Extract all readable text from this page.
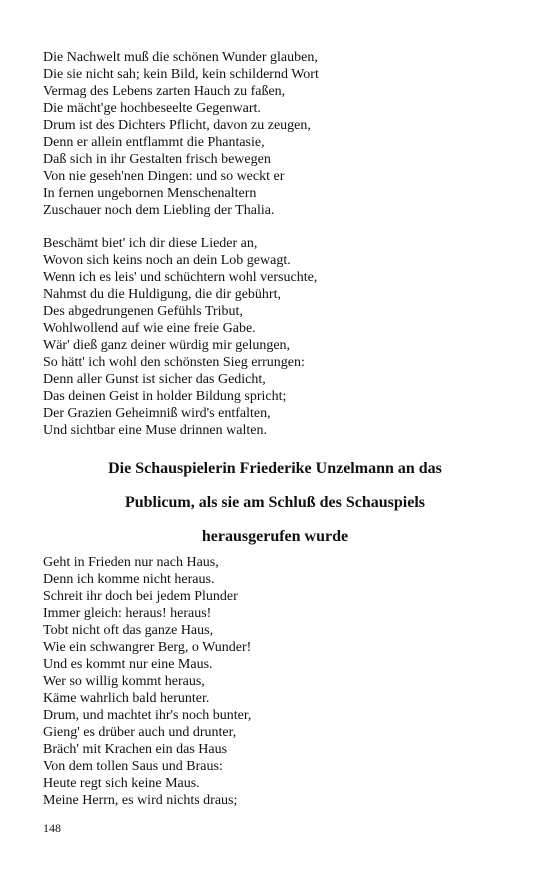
Die Nachwelt muß die schönen Wunder glauben,
Die sie nicht sah; kein Bild, kein schildernd Wort
Vermag des Lebens zarten Hauch zu faßen,
Die mächt'ge hochbeseelte Gegenwart.
Drum ist des Dichters Pflicht, davon zu zeugen,
Denn er allein entflammt die Phantasie,
Daß sich in ihr Gestalten frisch bewegen
Von nie geseh'nen Dingen: und so weckt er
In fernen ungebornen Menschenaltern
Zuschauer noch dem Liebling der Thalia.
Beschämt biet' ich dir diese Lieder an,
Wovon sich keins noch an dein Lob gewagt.
Wenn ich es leis' und schüchtern wohl versuchte,
Nahmst du die Huldigung, die dir gebührt,
Des abgedrungenen Gefühls Tribut,
Wohlwollend auf wie eine freie Gabe.
Wär' dieß ganz deiner würdig mir gelungen,
So hätt' ich wohl den schönsten Sieg errungen:
Denn aller Gunst ist sicher das Gedicht,
Das deinen Geist in holder Bildung spricht;
Der Grazien Geheimniß wird's entfalten,
Und sichtbar eine Muse drinnen walten.
Die Schauspielerin Friederike Unzelmann an das
Publicum, als sie am Schluß des Schauspiels
herausgerufen wurde
Geht in Frieden nur nach Haus,
Denn ich komme nicht heraus.
Schreit ihr doch bei jedem Plunder
Immer gleich: heraus! heraus!
Tobt nicht oft das ganze Haus,
Wie ein schwangrer Berg, o Wunder!
Und es kommt nur eine Maus.
Wer so willig kommt heraus,
Käme wahrlich bald herunter.
Drum, und machtet ihr's noch bunter,
Gieng' es drüber auch und drunter,
Bräch' mit Krachen ein das Haus
Von dem tollen Saus und Braus:
Heute regt sich keine Maus.
Meine Herrn, es wird nichts draus;
148
